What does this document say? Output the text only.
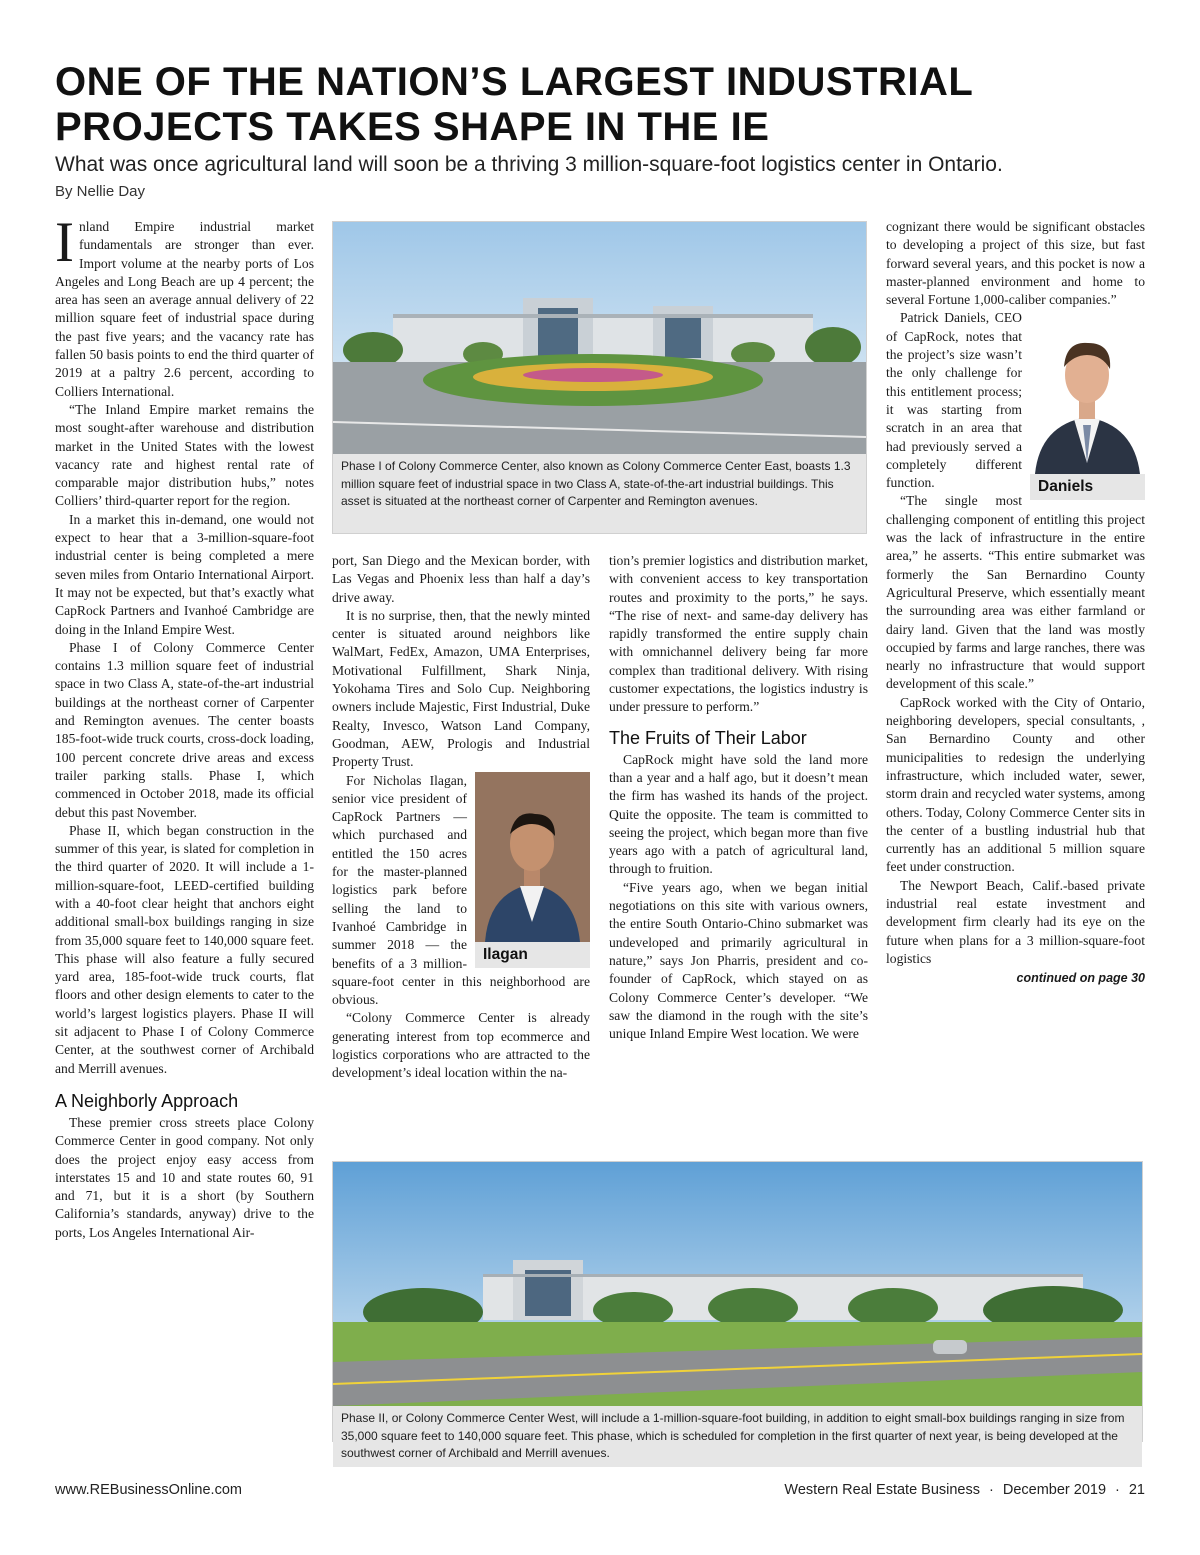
ONE OF THE NATION’S LARGEST INDUSTRIAL
PROJECTS TAKES SHAPE IN THE IE
What was once agricultural land will soon be a thriving 3 million-square-foot logistics center in Ontario.
By Nellie Day

Inland Empire industrial market fundamentals are stronger than ever. Import volume at the nearby ports of Los Angeles and Long Beach are up 4 percent; the area has seen an average annual delivery of 22 million square feet of industrial space during the past five years; and the vacancy rate has fallen 50 basis points to end the third quarter of 2019 at a paltry 2.6 percent, according to Colliers International.

“The Inland Empire market remains the most sought-after warehouse and distribution market in the United States with the lowest vacancy rate and highest rental rate of comparable major distribution hubs,” notes Colliers’ third-quarter report for the region.

In a market this in-demand, one would not expect to hear that a 3-million-square-foot industrial center is being completed a mere seven miles from Ontario International Airport. It may not be expected, but that’s exactly what CapRock Partners and Ivanhoé Cambridge are doing in the Inland Empire West.

Phase I of Colony Commerce Center contains 1.3 million square feet of industrial space in two Class A, state-of-the-art industrial buildings at the northeast corner of Carpenter and Remington avenues. The center boasts 185-foot-wide truck courts, cross-dock loading, 100 percent concrete drive areas and excess trailer parking stalls. Phase I, which commenced in October 2018, made its official debut this past November.

Phase II, which began construction in the summer of this year, is slated for completion in the third quarter of 2020. It will include a 1-million-square-foot, LEED-certified building with a 40-foot clear height that anchors eight additional small-box buildings ranging in size from 35,000 square feet to 140,000 square feet. This phase will also feature a fully secured yard area, 185-foot-wide truck courts, flat floors and other design elements to cater to the world’s largest logistics players. Phase II will sit adjacent to Phase I of Colony Commerce Center, at the southwest corner of Archibald and Merrill avenues.

A Neighborly Approach

These premier cross streets place Colony Commerce Center in good company. Not only does the project enjoy easy access from interstates 15 and 10 and state routes 60, 91 and 71, but it is a short (by Southern California’s standards, anyway) drive to the ports, Los Angeles International Air-

Phase I of Colony Commerce Center, also known as Colony Commerce Center East, boasts 1.3 million square feet of industrial space in two Class A, state-of-the-art industrial buildings. This asset is situated at the northeast corner of Carpenter and Remington avenues.

port, San Diego and the Mexican border, with Las Vegas and Phoenix less than half a day’s drive away.

It is no surprise, then, that the newly minted center is situated around neighbors like WalMart, FedEx, Amazon, UMA Enterprises, Motivational Fulfillment, Shark Ninja, Yokohama Tires and Solo Cup. Neighboring owners include Majestic, First Industrial, Duke Realty, Invesco, Watson Land Company, Goodman, AEW, Prologis and Industrial Property Trust.

Ilagan

For Nicholas Ilagan, senior vice president of CapRock Partners — which purchased and entitled the 150 acres for the master-planned logistics park before selling the land to Ivanhoé Cambridge in summer 2018 — the benefits of a 3 million-square-foot center in this neighborhood are obvious.

“Colony Commerce Center is already generating interest from top ecommerce and logistics corporations who are attracted to the development’s ideal location within the na-

tion’s premier logistics and distribution market, with convenient access to key transportation routes and proximity to the ports,” he says. “The rise of next- and same-day delivery has rapidly transformed the entire supply chain with omnichannel delivery being far more complex than traditional delivery. With rising customer expectations, the logistics industry is under pressure to perform.”

The Fruits of Their Labor

CapRock might have sold the land more than a year and a half ago, but it doesn’t mean the firm has washed its hands of the project. Quite the opposite. The team is committed to seeing the project, which began more than five years ago with a patch of agricultural land, through to fruition.

“Five years ago, when we began initial negotiations on this site with various owners, the entire South Ontario-Chino submarket was undeveloped and primarily agricultural in nature,” says Jon Pharris, president and co-founder of CapRock, which stayed on as Colony Commerce Center’s developer. “We saw the diamond in the rough with the site’s unique Inland Empire West location. We were

cognizant there would be significant obstacles to developing a project of this size, but fast forward several years, and this pocket is now a master-planned environment and home to several Fortune 1,000-caliber companies.”

Daniels

Patrick Daniels, CEO of CapRock, notes that the project’s size wasn’t the only challenge for this entitlement process; it was starting from scratch in an area that had previously served a completely different function.

“The single most challenging component of entitling this project was the lack of infrastructure in the entire area,” he asserts. “This entire submarket was formerly the San Bernardino County Agricultural Preserve, which essentially meant the surrounding area was either farmland or dairy land. Given that the land was mostly occupied by farms and large ranches, there was nearly no infrastructure that would support development of this scale.”

CapRock worked with the City of Ontario, neighboring developers, special consultants, , San Bernardino County and other municipalities to redesign the underlying infrastructure, which included water, sewer, storm drain and recycled water systems, among others. Today, Colony Commerce Center sits in the center of a bustling industrial hub that currently has an additional 5 million square feet under construction.

The Newport Beach, Calif.-based private industrial real estate investment and development firm clearly had its eye on the future when plans for a 3 million-square-foot logistics

continued on page 30
Phase II, or Colony Commerce Center West, will include a 1-million-square-foot building, in addition to eight small-box buildings ranging in size from 35,000 square feet to 140,000 square feet. This phase, which is scheduled for completion in the first quarter of next year, is being developed at the southwest corner of Archibald and Merrill avenues.
www.REBusinessOnline.com	Western Real Estate Business · December 2019 · 21
